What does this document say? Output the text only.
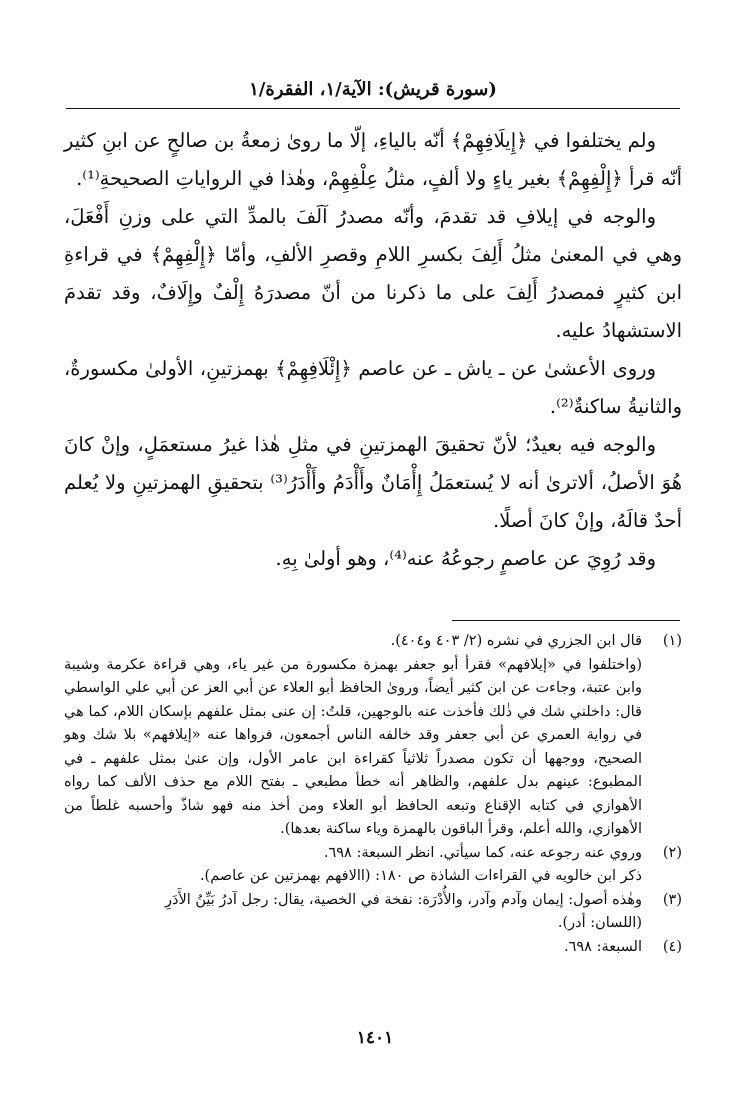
(سورة قريش): الآية/١، الفقرة/١

ولم يختلفوا في ﴿إِيلَافِهِمْ﴾ أنّه بالياءِ، إلّا ما روىٰ زمعةُ بن صالحٍ عن ابنِ كثير أنّه قرأ ﴿إِلْفِهِمْ﴾ بغير ياءٍ ولا ألفٍ، مثلُ عِلْفِهِمْ، وهٰذا في الرواياتِ الصحيحةِ⁽¹⁾.

والوجه في إيلافِ قد تقدمَ، وأنّه مصدرُ آلَفَ بالمدِّ التي على وزنِ أَفْعَلَ، وهي في المعنىٰ مثلُ أَلِفَ بكسرِ اللامِ وقصرِ الألفِ، وأمّا ﴿إِلْفِهِمْ﴾ في قراءةِ ابن كثيرٍ فمصدرُ أَلِفَ على ما ذكرنا من أنّ مصدرَهُ إِلْفٌ وإِلَافٌ، وقد تقدمَ الاستشهادُ عليه.

وروى الأعشىٰ عن ـ ياش ـ عن عاصم ﴿إِئْلَافِهِمْ﴾ بهمزتينِ، الأولىٰ مكسورةٌ، والثانيةُ ساكنةٌ⁽²⁾.

والوجه فيه بعيدٌ؛ لأنّ تحقيقَ الهمزتينِ في مثلِ هٰذا غيرُ مستعمَلٍ، وإنْ كانَ هُوَ الأصلُ، ألاترىٰ أنه لا يُستعمَلُ إِأْمَانٌ وأَأْدَمُ وأَأْدَرُ⁽³⁾ بتحقيقِ الهمزتينِ ولا يُعلم أحدٌ قالَهُ، وإنْ كانَ أصلًا.

وقد رُوِيَ عن عاصمٍ رجوعُهُ عنه⁽⁴⁾، وهو أولىٰ بِهِ.

(١)
قال ابن الجزري في نشره (٢/ ٤٠٣ و٤٠٤).

(واختلفوا في «إيلافهم» فقرأ أبو جعفر بهمزة مكسورة من غير ياء، وهي قراءة عكرمة وشيبة وابن عتبة، وجاءت عن ابن كثير أيضاً، وروىٰ الحافظ أبو العلاء عن أبي العز عن أبي علي الواسطي قال: داخلني شك في ذٰلك فأخذت عنه بالوجهين، قلتُ: إن عنى بمثل علفهم بإسكان اللام، كما هي في رواية العمري عن أبي جعفر وقد خالفه الناس أجمعون، فرواها عنه «إيلافهم» بلا شك وهو الصحيح، ووجهها أن تكون مصدراً ثلاثياً كقراءة ابن عامر الأول، وإن عنىٰ بمثل علفهم ـ في المطبوع: عينهم بدل علفهم، والظاهر أنه خطأ مطبعي ـ بفتح اللام مع حذف الألف كما رواه الأهوازي في كتابه الإقناع وتبعه الحافظ أبو العلاء ومن أخذ منه فهو شاذّ وأحسبه غلطاً من الأهوازي، والله أعلم، وقرأ الباقون بالهمزة وياء ساكنة بعدها).

(٢)
وروي عنه رجوعه عنه، كما سيأتي. انظر السبعة: ٦٩٨.

ذكر ابن خالويه في القراءات الشاذة ص ١٨٠: (االافهم بهمزتين عن عاصم).

(٣)
وهٰذه أصول: إيمان وآدم وآدر، والأُدْرَة: نفخة في الخصية، يقال: رجل آدرُ بَيِّنُ الأَدَرِ

(اللسان: أدر).

(٤)
السبعة: ٦٩٨.
١٤٠١
